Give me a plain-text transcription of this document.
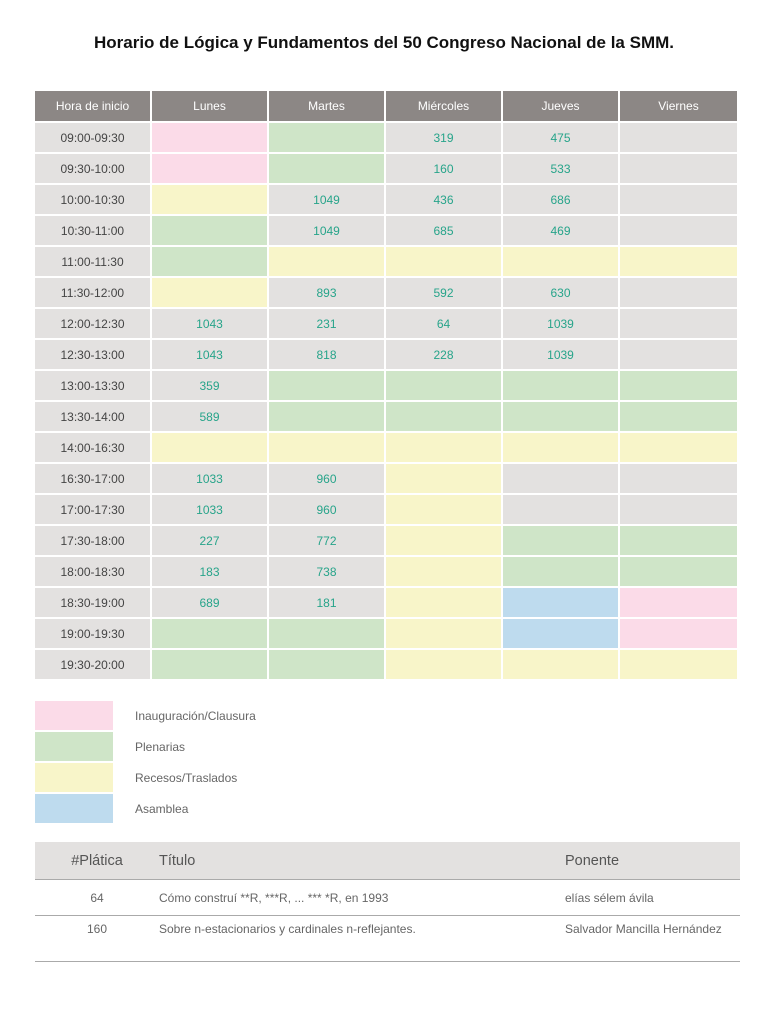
Horario de Lógica y Fundamentos del 50 Congreso Nacional de la SMM.
Hora de inicio	Lunes	Martes	Miércoles	Jueves	Viernes
09:00-09:30			319	475	
09:30-10:00			160	533	
10:00-10:30		1049	436	686	
10:30-11:00		1049	685	469	
11:00-11:30					
11:30-12:00		893	592	630	
12:00-12:30	1043	231	64	1039	
12:30-13:00	1043	818	228	1039	
13:00-13:30	359				
13:30-14:00	589				
14:00-16:30					
16:30-17:00	1033	960			
17:00-17:30	1033	960			
17:30-18:00	227	772			
18:00-18:30	183	738			
18:30-19:00	689	181			
19:00-19:30					
19:30-20:00					
Inauguración/Clausura
Plenarias
Recesos/Traslados
Asamblea
#Plática	Título	Ponente
64	Cómo construí **R, ***R, ... *** *R, en 1993	elías sélem ávila
160	Sobre n-estacionarios y cardinales n-reflejantes.	Salvador Mancilla Hernández
